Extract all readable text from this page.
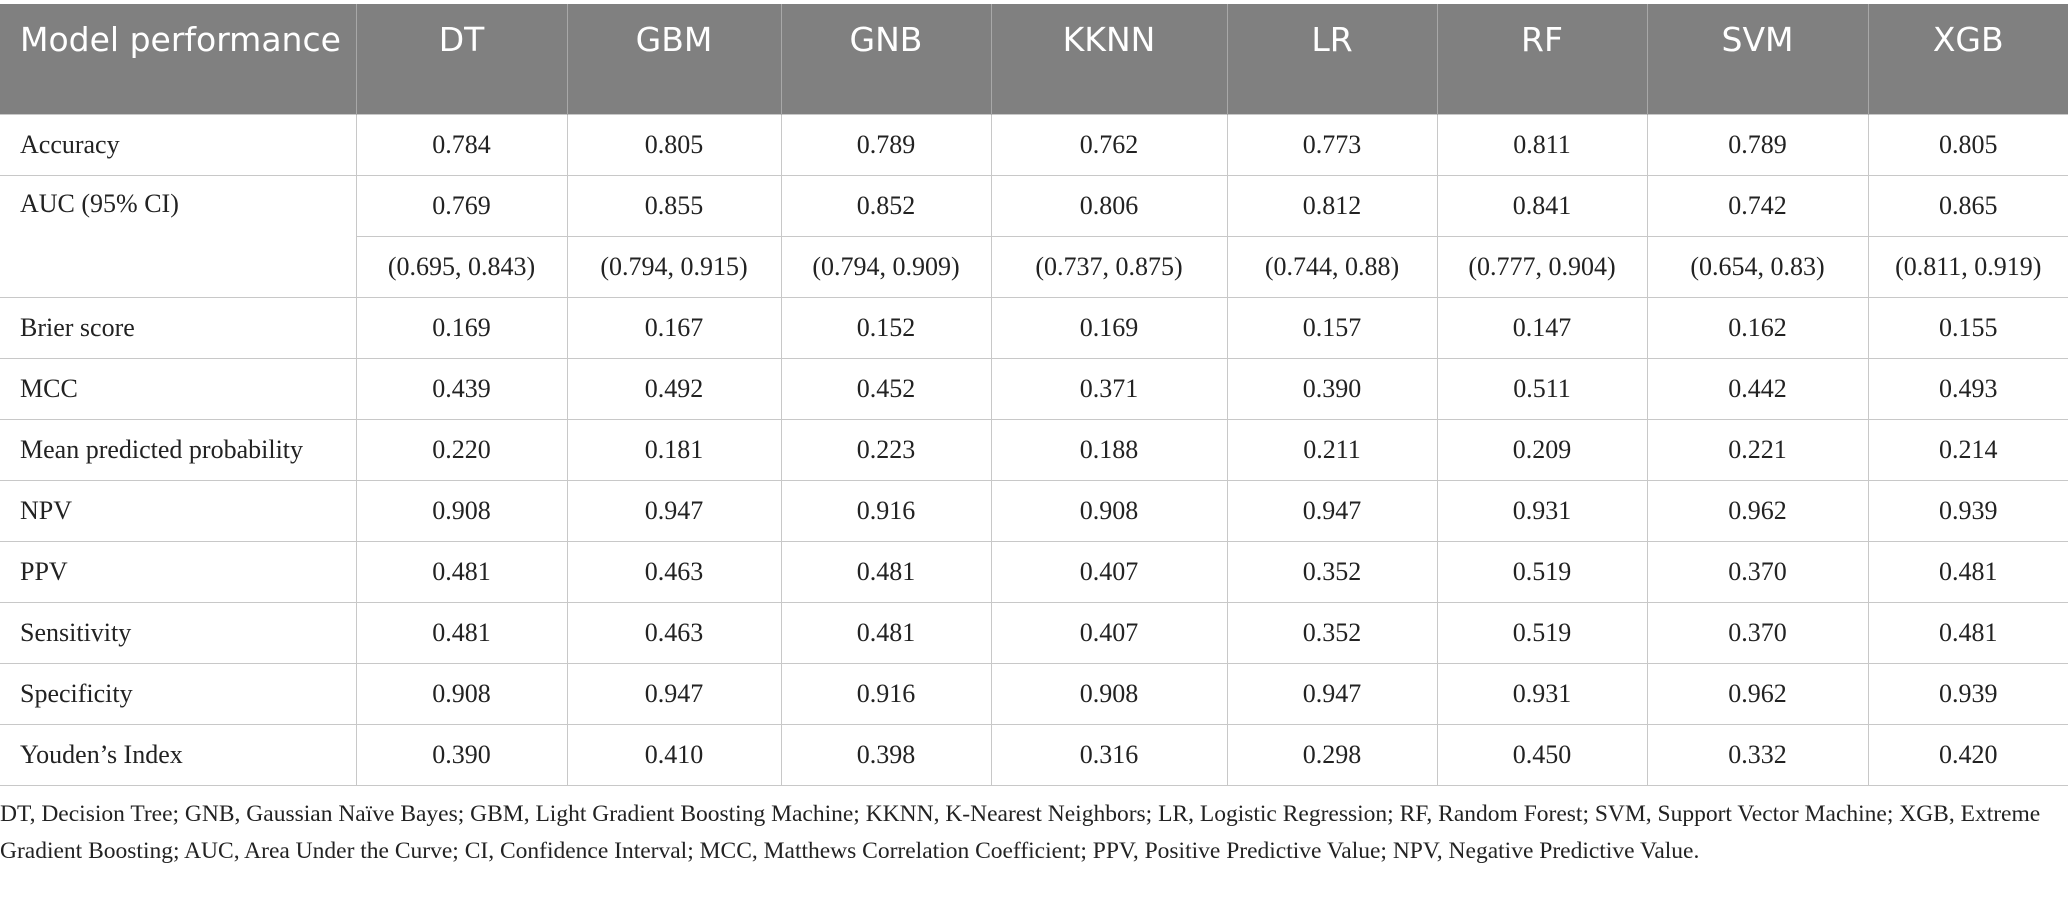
Model performance	DT	GBM	GNB	KKNN	LR	RF	SVM	XGB
Accuracy	0.784	0.805	0.789	0.762	0.773	0.811	0.789	0.805
AUC (95% CI)	0.769	0.855	0.852	0.806	0.812	0.841	0.742	0.865
	(0.695, 0.843)	(0.794, 0.915)	(0.794, 0.909)	(0.737, 0.875)	(0.744, 0.88)	(0.777, 0.904)	(0.654, 0.83)	(0.811, 0.919)
Brier score	0.169	0.167	0.152	0.169	0.157	0.147	0.162	0.155
MCC	0.439	0.492	0.452	0.371	0.390	0.511	0.442	0.493
Mean predicted probability	0.220	0.181	0.223	0.188	0.211	0.209	0.221	0.214
NPV	0.908	0.947	0.916	0.908	0.947	0.931	0.962	0.939
PPV	0.481	0.463	0.481	0.407	0.352	0.519	0.370	0.481
Sensitivity	0.481	0.463	0.481	0.407	0.352	0.519	0.370	0.481
Specificity	0.908	0.947	0.916	0.908	0.947	0.931	0.962	0.939
Youden’s Index	0.390	0.410	0.398	0.316	0.298	0.450	0.332	0.420
DT, Decision Tree; GNB, Gaussian Naïve Bayes; GBM, Light Gradient Boosting Machine; KKNN, K-Nearest Neighbors; LR, Logistic Regression; RF, Random Forest; SVM, Support Vector Machine; XGB, Extreme Gradient Boosting; AUC, Area Under the Curve; CI, Confidence Interval; MCC, Matthews Correlation Coefficient; PPV, Positive Predictive Value; NPV, Negative Predictive Value.
